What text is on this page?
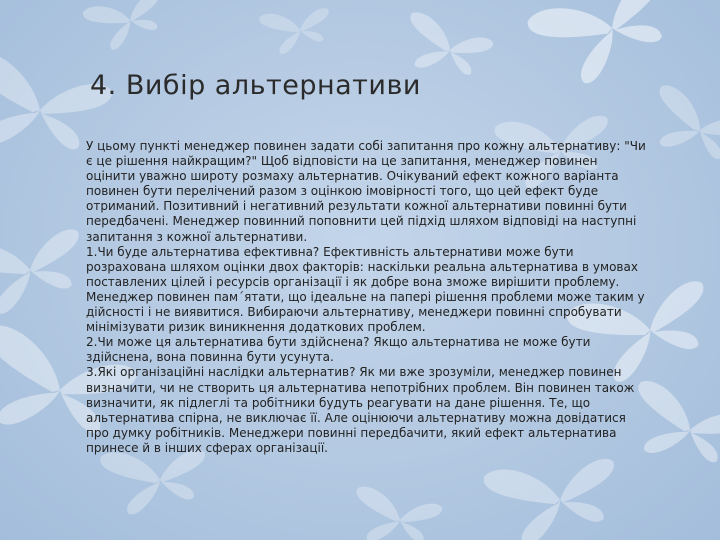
4. Вибір альтернативи

У цьому пункті менеджер повинен задати собі запитання про кожну альтернативу: "Чи є це рішення найкращим?" Щоб відповісти на це запитання, менеджер повинен оцінити уважно широту розмаху альтернатив. Очікуваний ефект кожного варіанта повинен бути перелічений разом з оцінкою імовірності того, що цей ефект буде отриманий. Позитивний і негативний результати кожної альтернативи повинні бути передбачені. Менеджер повинний поповнити цей підхід шляхом відповіді на наступні запитання з кожної альтернативи.

1.Чи буде альтернатива ефективна? Ефективність альтернативи може бути розрахована шляхом оцінки двох факторів: наскільки реальна альтернатива в умовах поставлених цілей і ресурсів організації і як добре вона зможе вирішити проблему. Менеджер повинен пам´ятати, що ідеальне на папері рішення проблеми може таким у дійсності і не виявитися. Вибираючи альтернативу, менеджери повинні спробувати мінімізувати ризик виникнення додаткових проблем.

2.Чи може ця альтернатива бути здійснена? Якщо альтернатива не може бути здійснена, вона повинна бути усунута.

3.Які організаційні наслідки альтернатив? Як ми вже зрозуміли, менеджер повинен визначити, чи не створить ця альтернатива непотрібних проблем. Він повинен також визначити, як підлеглі та робітники будуть реагувати на дане рішення. Те, що альтернатива спірна, не виключає її. Але оцінюючи альтернативу можна довідатися про думку робітників. Менеджери повинні передбачити, який ефект альтернатива принесе й в інших сферах організації.
